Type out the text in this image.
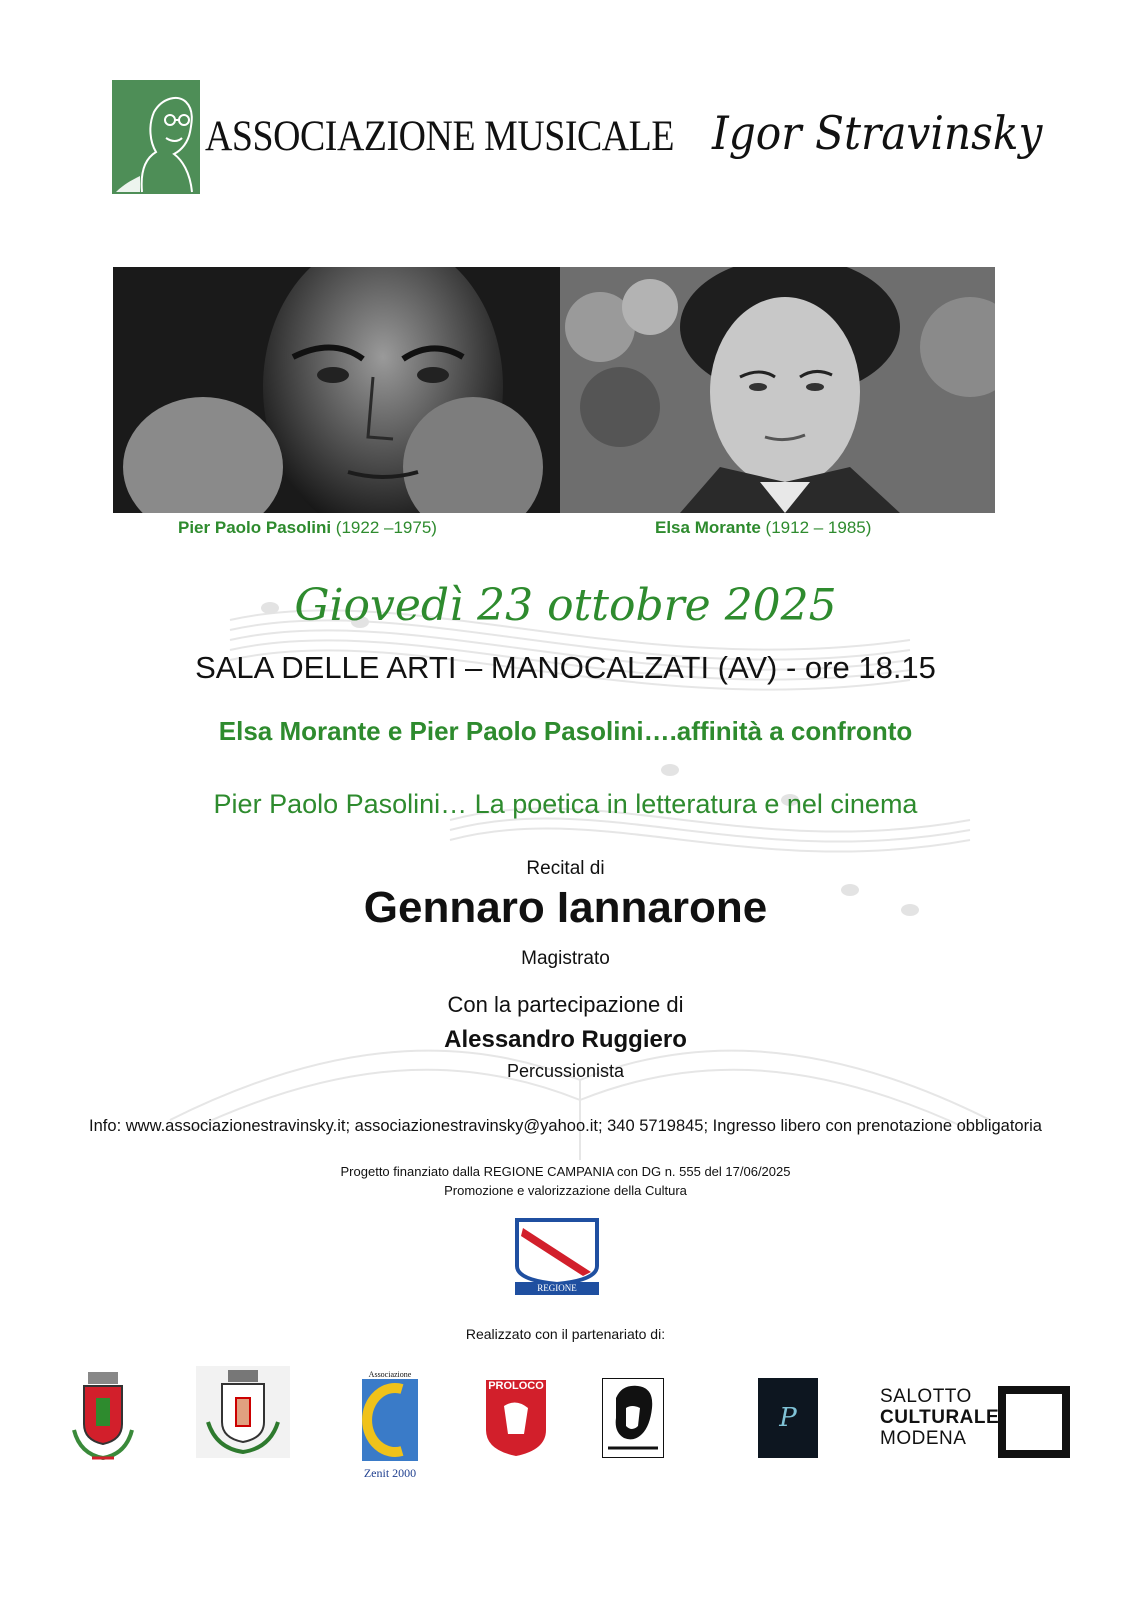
ASSOCIAZIONE MUSICALE Igor Stravinsky
Pier Paolo Pasolini (1922 –1975)	Elsa Morante (1912 – 1985)
Giovedì 23 ottobre 2025
SALA DELLE ARTI – MANOCALZATI (AV) - ore 18.15
Elsa Morante e Pier Paolo Pasolini….affinità a confronto
Pier Paolo Pasolini… La poetica in letteratura e nel cinema
Recital di
Gennaro Iannarone
Magistrato
Con la partecipazione di
Alessandro Ruggiero
Percussionista
Info: www.associazionestravinsky.it; associazionestravinsky@yahoo.it; 340 5719845; Ingresso libero con prenotazione obbligatoria
Progetto finanziato dalla REGIONE CAMPANIA con DG n. 555 del 17/06/2025
Promozione e valorizzazione della Cultura
REGIONE CAMPANIA
Realizzato con il partenariato di:
Associazione
Zenit 2000
PROLOCO
P
SALOTTO
CULTURALE
MODENA
